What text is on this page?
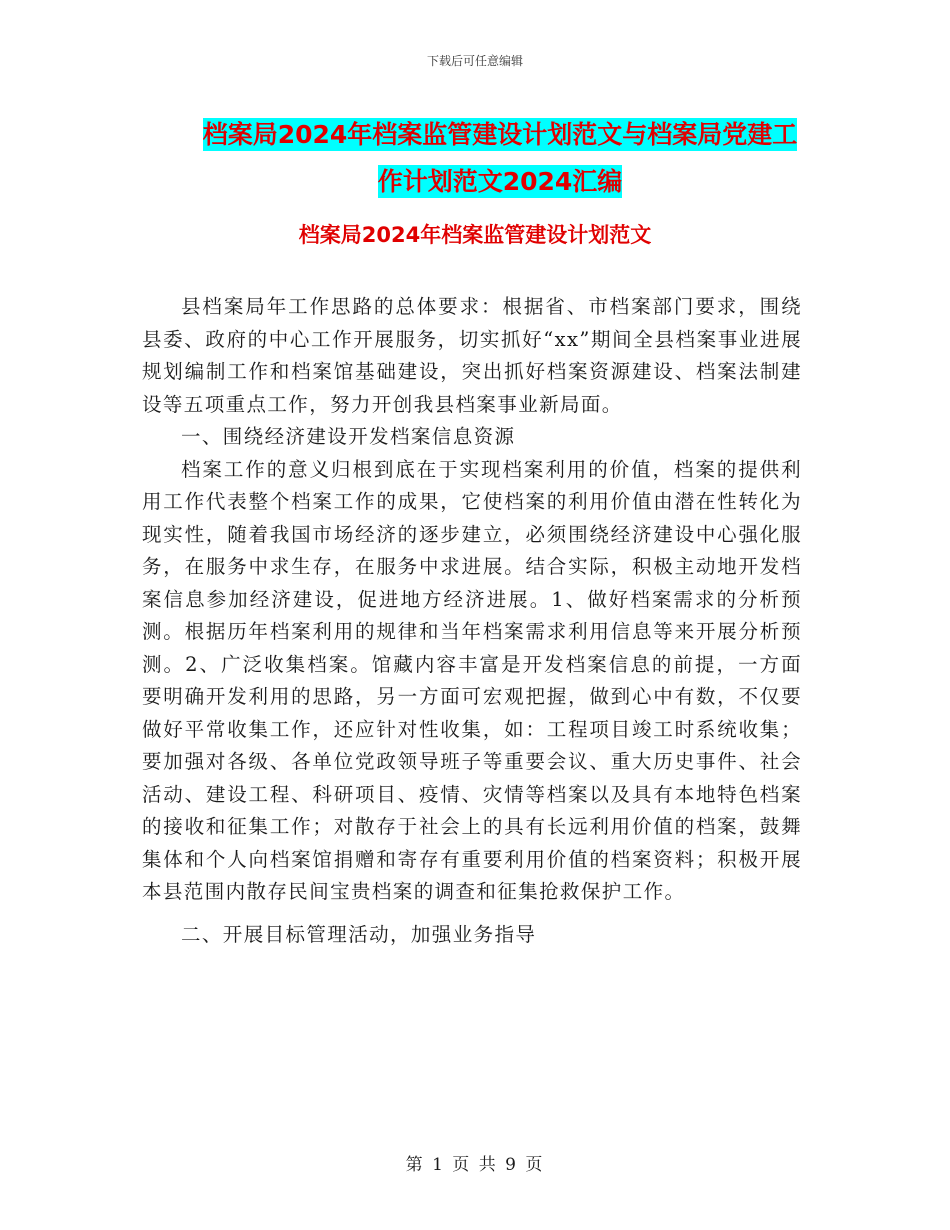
下载后可任意编辑
档案局2024年档案监管建设计划范文与档案局党建工
作计划范文2024汇编
档案局2024年档案监管建设计划范文

县档案局年工作思路的总体要求：根据省、市档案部门要求，围绕县委、政府的中心工作开展服务，切实抓好“xx”期间全县档案事业进展规划编制工作和档案馆基础建设，突出抓好档案资源建设、档案法制建设等五项重点工作，努力开创我县档案事业新局面。

一、围绕经济建设开发档案信息资源

档案工作的意义归根到底在于实现档案利用的价值，档案的提供利用工作代表整个档案工作的成果，它使档案的利用价值由潜在性转化为现实性，随着我国市场经济的逐步建立，必须围绕经济建设中心强化服务，在服务中求生存，在服务中求进展。结合实际，积极主动地开发档案信息参加经济建设，促进地方经济进展。1、做好档案需求的分析预测。根据历年档案利用的规律和当年档案需求利用信息等来开展分析预测。2、广泛收集档案。馆藏内容丰富是开发档案信息的前提，一方面要明确开发利用的思路，另一方面可宏观把握，做到心中有数，不仅要做好平常收集工作，还应针对性收集，如：工程项目竣工时系统收集；要加强对各级、各单位党政领导班子等重要会议、重大历史事件、社会活动、建设工程、科研项目、疫情、灾情等档案以及具有本地特色档案的接收和征集工作；对散存于社会上的具有长远利用价值的档案，鼓舞集体和个人向档案馆捐赠和寄存有重要利用价值的档案资料；积极开展本县范围内散存民间宝贵档案的调查和征集抢救保护工作。

二、开展目标管理活动，加强业务指导

第 1 页 共 9 页
